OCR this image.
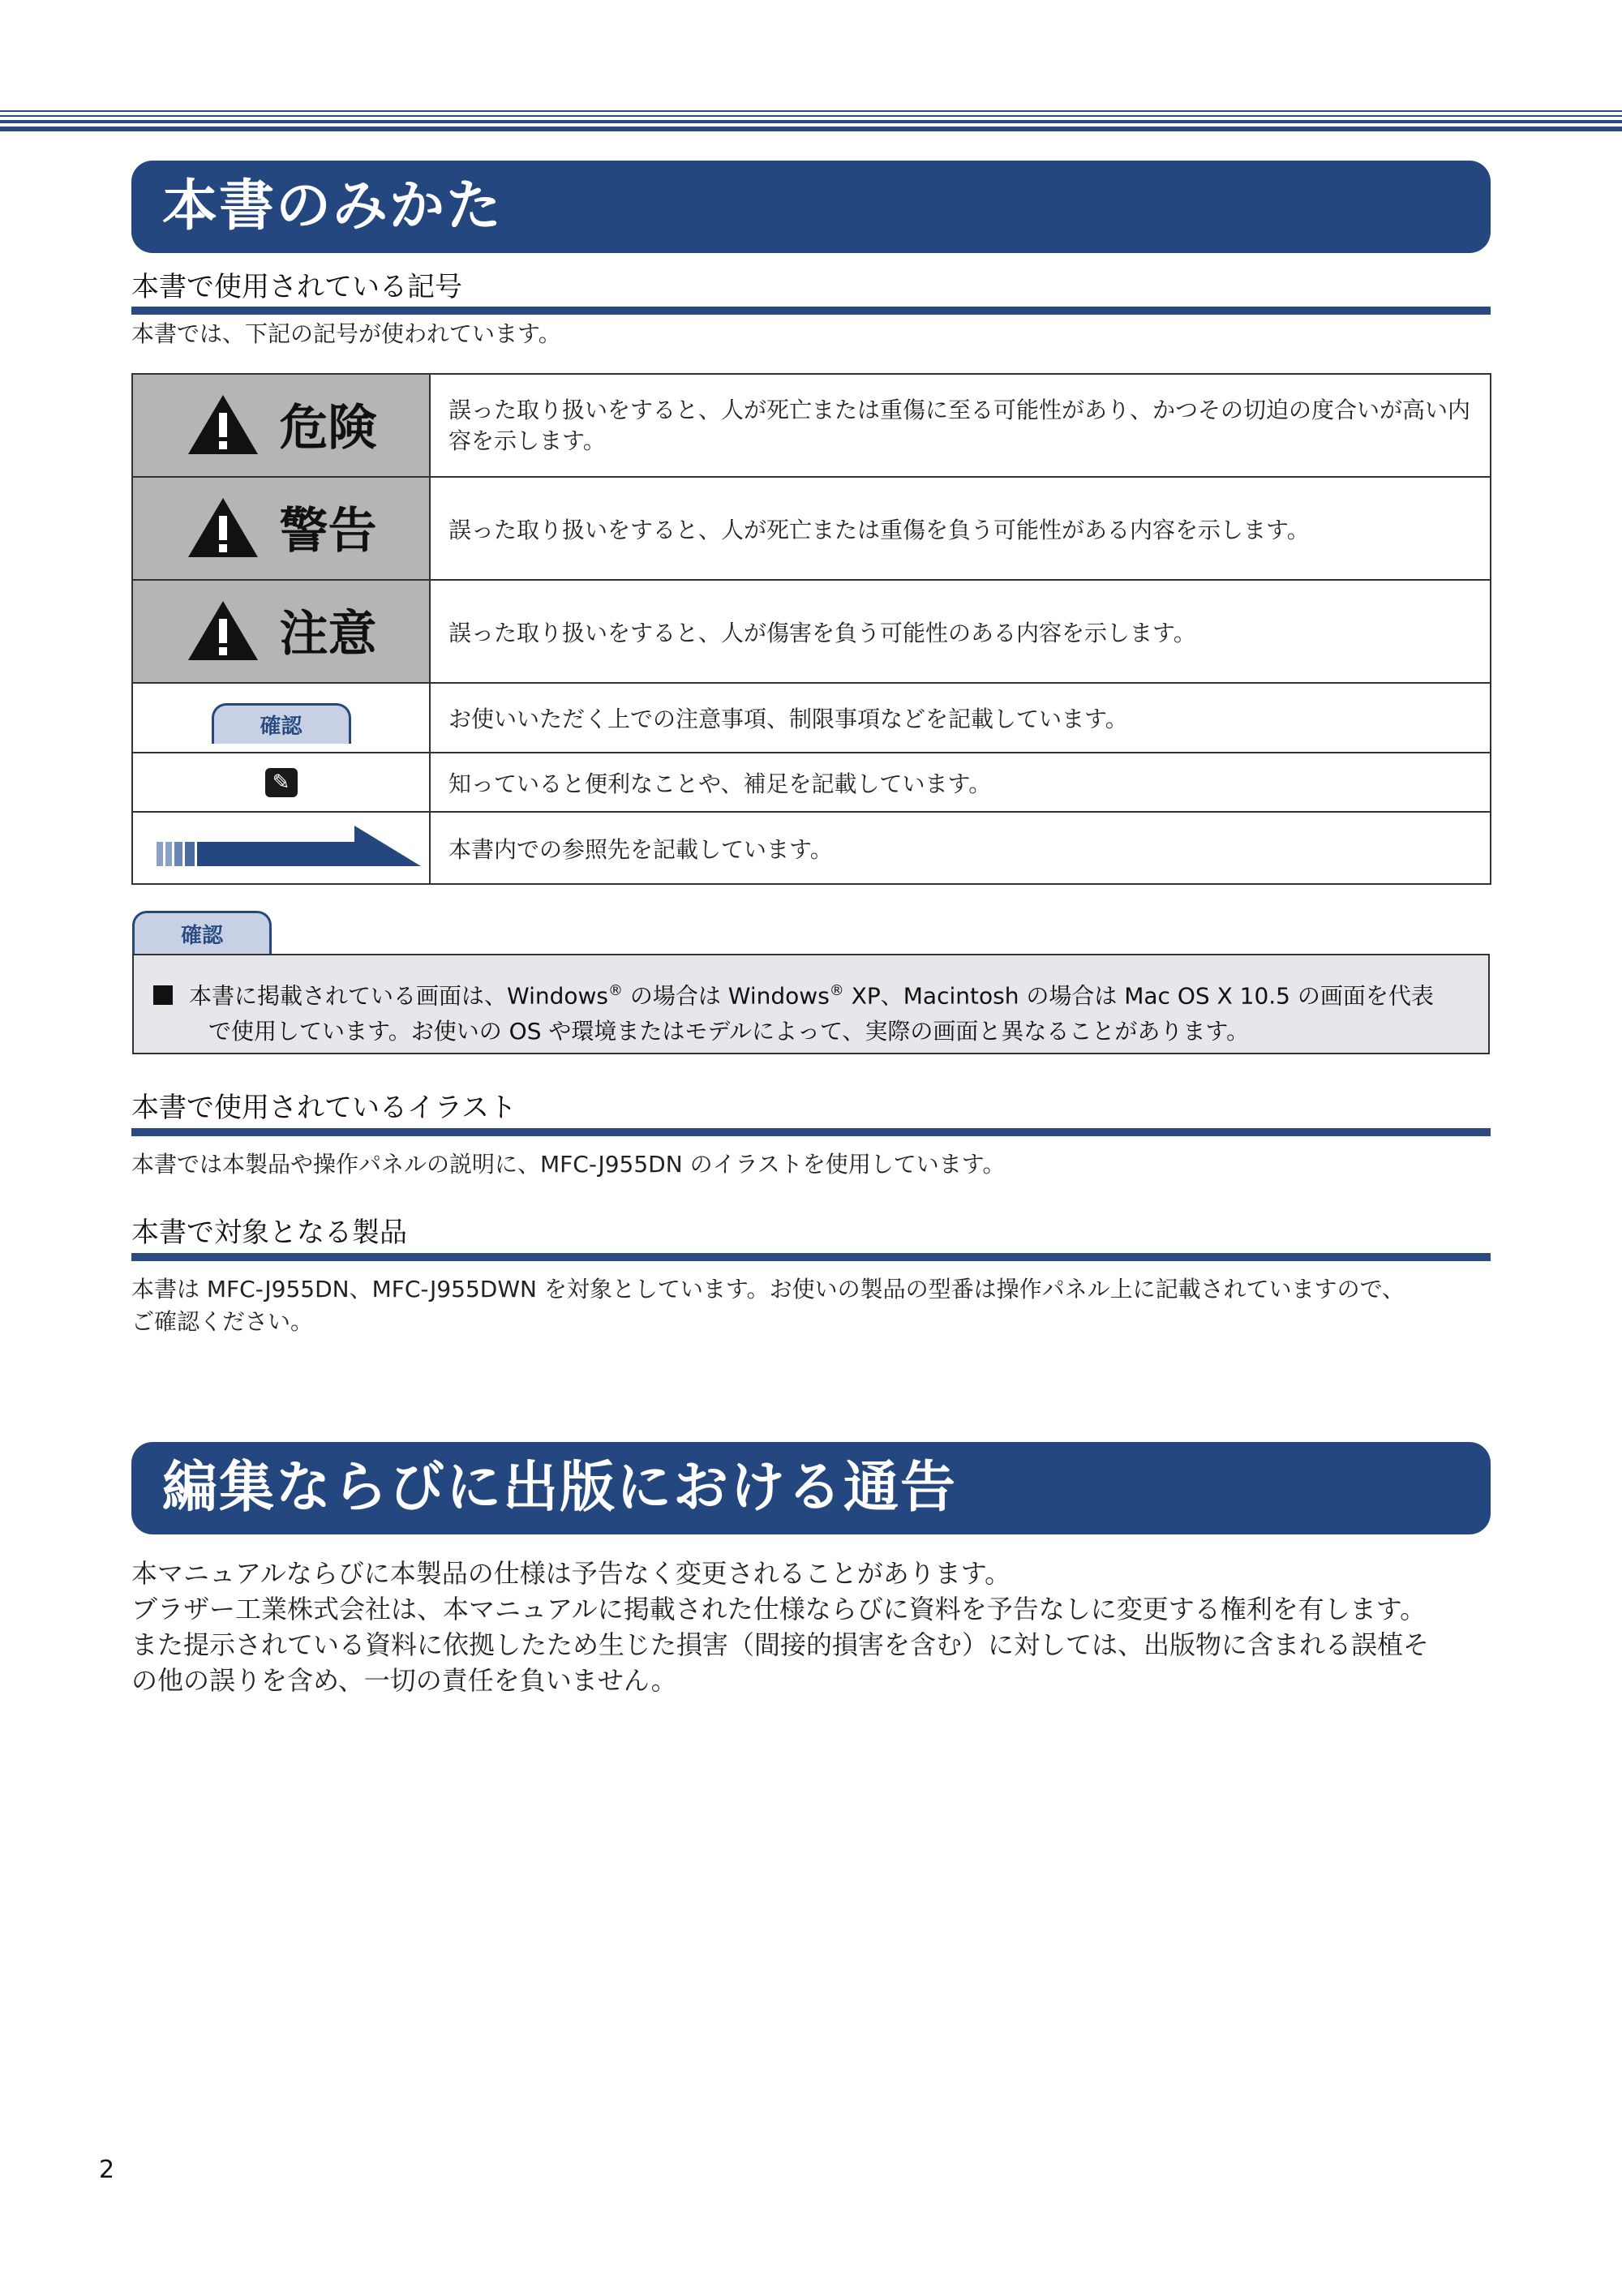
本書のみかた
本書で使用されている記号
本書では、下記の記号が使われています。
危険	誤った取り扱いをすると、人が死亡または重傷に至る可能性があり、かつその切迫の度合いが高い内容を示します。

警告	誤った取り扱いをすると、人が死亡または重傷を負う可能性がある内容を示します。

注意	誤った取り扱いをすると、人が傷害を負う可能性のある内容を示します。
確認	お使いいただく上での注意事項、制限事項などを記載しています。
✎	知っていると便利なことや、補足を記載しています。
	本書内での参照先を記載しています。
確認
本書に掲載されている画面は、Windows® の場合は Windows® XP、Macintosh の場合は Mac OS X 10.5 の画面を代表
で使用しています。お使いの OS や環境またはモデルによって、実際の画面と異なることがあります。
本書で使用されているイラスト
本書では本製品や操作パネルの説明に、MFC-J955DN のイラストを使用しています。
本書で対象となる製品
本書は MFC-J955DN、MFC-J955DWN を対象としています。お使いの製品の型番は操作パネル上に記載されていますので、
ご確認ください。
編集ならびに出版における通告
本マニュアルならびに本製品の仕様は予告なく変更されることがあります。
ブラザー工業株式会社は、本マニュアルに掲載された仕様ならびに資料を予告なしに変更する権利を有します。
また提示されている資料に依拠したため生じた損害（間接的損害を含む）に対しては、出版物に含まれる誤植そ
の他の誤りを含め、一切の責任を負いません。
2
